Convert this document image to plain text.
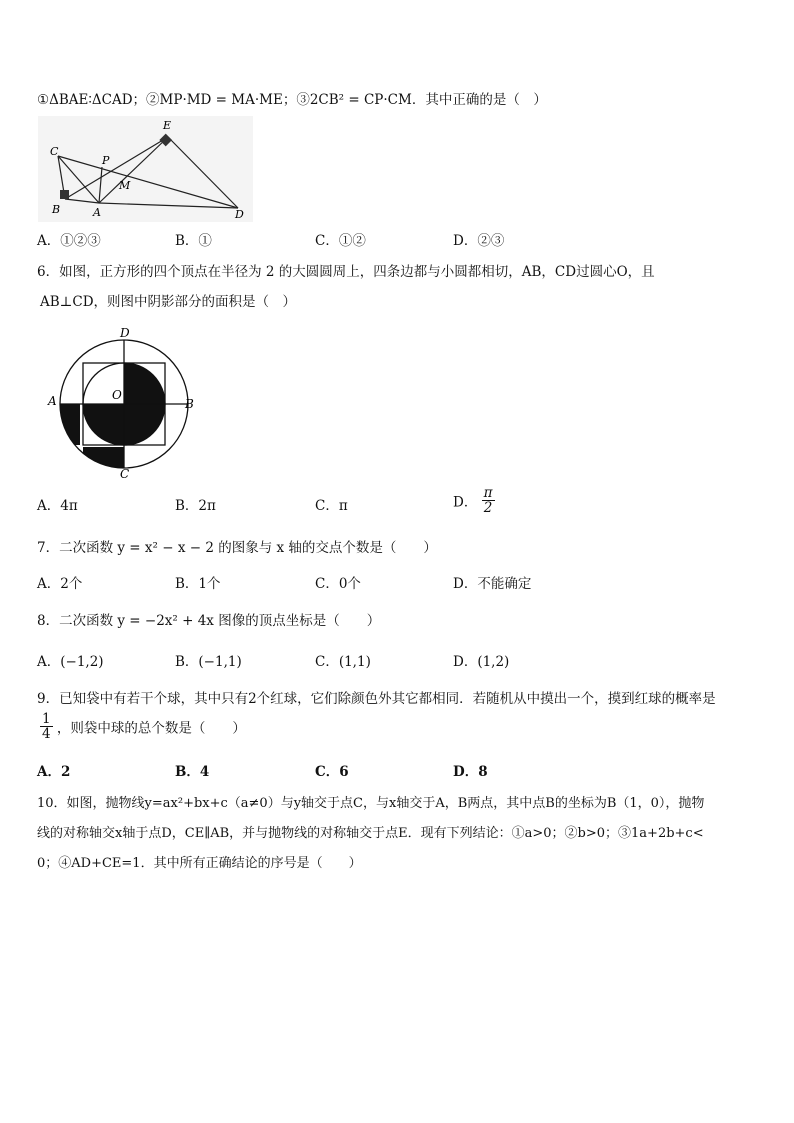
①ΔBAE∶ΔCAD；②MP·MD = MA·ME；③2CB² = CP·CM．其中正确的是（　）
C
E
P
M
B	A	D
A．①②③	B．①	C．①②	D．②③
6．如图，正方形的四个顶点在半径为 2 的大圆圆周上，四条边都与小圆都相切，AB，CD过圆心O，且
AB⊥CD，则图中阴影部分的面积是（　）
D
A	O
B
C
A．4π	B．2π	C．π	D． $\frac{\pi}{2}$
7．二次函数 y = x² − x − 2 的图象与 x 轴的交点个数是（　　）
A．2个	B．1个	C．0个	D．不能确定
8．二次函数 y = −2x² + 4x 图像的顶点坐标是（　　）
A．(−1,2)	B．(−1,1)	C．(1,1)	D．(1,2)
9．已知袋中有若干个球，其中只有2个红球，它们除颜色外其它都相同．若随机从中摸出一个，摸到红球的概率是
$\frac{1}{4}$ ，则袋中球的总个数是（　　）
A．2	B．4	C．6	D．8
10．如图，抛物线y=ax²+bx+c（a≠0）与y轴交于点C，与x轴交于A，B两点，其中点B的坐标为B（1，0），抛物
线的对称轴交x轴于点D，CE∥AB，并与抛物线的对称轴交于点E．现有下列结论：①a>0；②b>0；③1a+2b+c<
0；④AD+CE=1．其中所有正确结论的序号是（　　）
